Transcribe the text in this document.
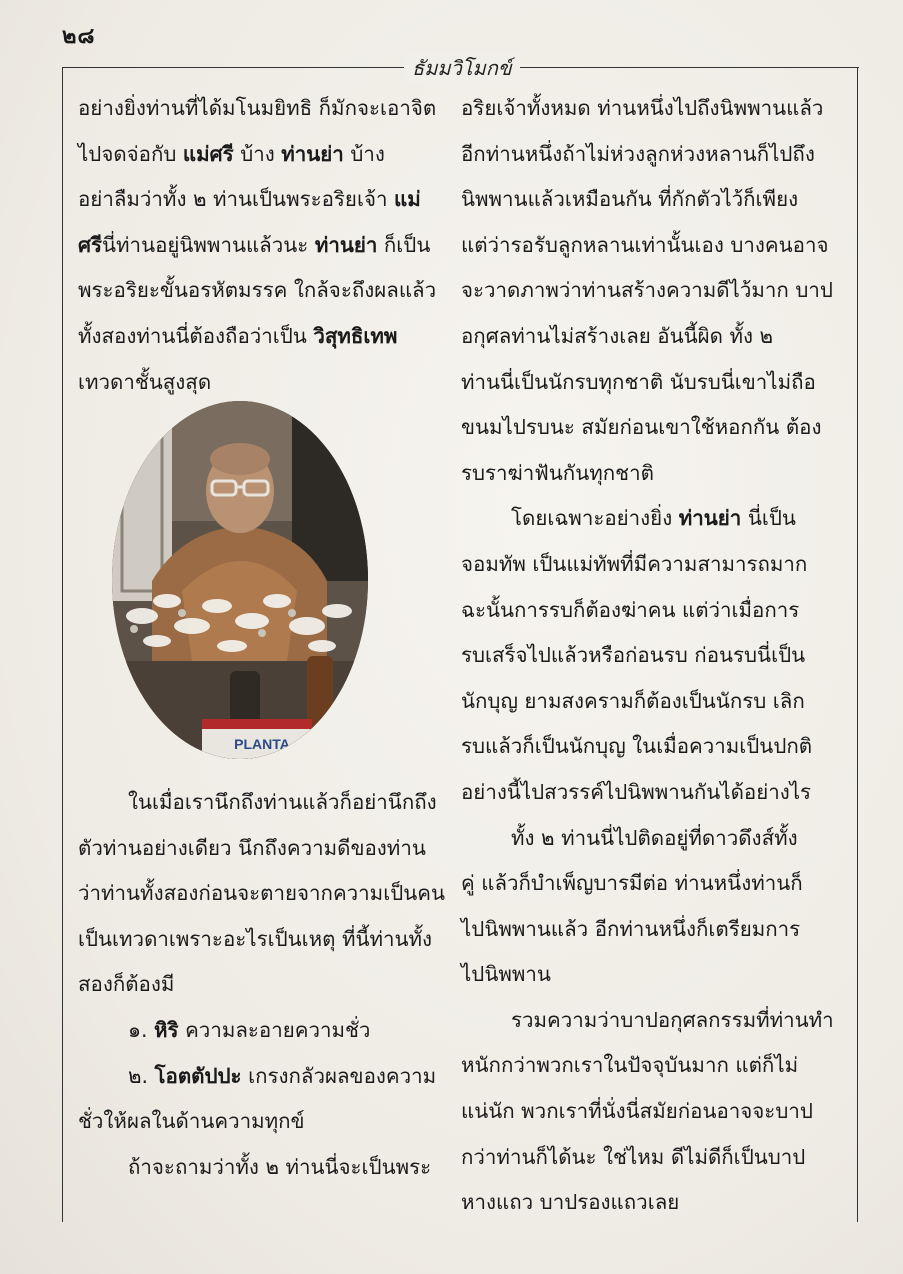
๒๘
ธัมมวิโมกข์
อย่างยิ่งท่านที่ได้มโนมยิทธิ ก็มักจะเอาจิต
ไปจดจ่อกับ แม่ศรี บ้าง ท่านย่า บ้าง
อย่าลืมว่าทั้ง ๒ ท่านเป็นพระอริยเจ้า แม่
ศรีนี่ท่านอยู่นิพพานแล้วนะ ท่านย่า ก็เป็น
พระอริยะขั้นอรหัตมรรค ใกล้จะถึงผลแล้ว
ทั้งสองท่านนี่ต้องถือว่าเป็น วิสุทธิเทพ
เทวดาชั้นสูงสุด
PLANTA
ในเมื่อเรานึกถึงท่านแล้วก็อย่านึกถึง
ตัวท่านอย่างเดียว นึกถึงความดีของท่าน
ว่าท่านทั้งสองก่อนจะตายจากความเป็นคน
เป็นเทวดาเพราะอะไรเป็นเหตุ ที่นี้ท่านทั้ง
สองก็ต้องมี
๑. หิริ ความละอายความชั่ว
๒. โอตตัปปะ เกรงกลัวผลของความ
ชั่วให้ผลในด้านความทุกข์
ถ้าจะถามว่าทั้ง ๒ ท่านนี่จะเป็นพระ
อริยเจ้าทั้งหมด ท่านหนึ่งไปถึงนิพพานแล้ว
อีกท่านหนึ่งถ้าไม่ห่วงลูกห่วงหลานก็ไปถึง
นิพพานแล้วเหมือนกัน ที่กักตัวไว้ก็เพียง
แต่ว่ารอรับลูกหลานเท่านั้นเอง บางคนอาจ
จะวาดภาพว่าท่านสร้างความดีไว้มาก บาป
อกุศลท่านไม่สร้างเลย อันนี้ผิด ทั้ง ๒
ท่านนี่เป็นนักรบทุกชาติ นับรบนี่เขาไม่ถือ
ขนมไปรบนะ สมัยก่อนเขาใช้หอกกัน ต้อง
รบราฆ่าฟันกันทุกชาติ
โดยเฉพาะอย่างยิ่ง ท่านย่า นี่เป็น
จอมทัพ เป็นแม่ทัพที่มีความสามารถมาก
ฉะนั้นการรบก็ต้องฆ่าคน แต่ว่าเมื่อการ
รบเสร็จไปแล้วหรือก่อนรบ ก่อนรบนี่เป็น
นักบุญ ยามสงครามก็ต้องเป็นนักรบ เลิก
รบแล้วก็เป็นนักบุญ ในเมื่อความเป็นปกติ
อย่างนี้ไปสวรรค์ไปนิพพานกันได้อย่างไร
ทั้ง ๒ ท่านนี่ไปติดอยู่ที่ดาวดึงส์ทั้ง
คู่ แล้วก็บำเพ็ญบารมีต่อ ท่านหนึ่งท่านก็
ไปนิพพานแล้ว อีกท่านหนึ่งก็เตรียมการ
ไปนิพพาน
รวมความว่าบาปอกุศลกรรมที่ท่านทำ
หนักกว่าพวกเราในปัจจุบันมาก แต่ก็ไม่
แน่นัก พวกเราที่นั่งนี่สมัยก่อนอาจจะบาป
กว่าท่านก็ได้นะ ใช่ไหม ดีไม่ดีก็เป็นบาป
หางแถว บาปรองแถวเลย
